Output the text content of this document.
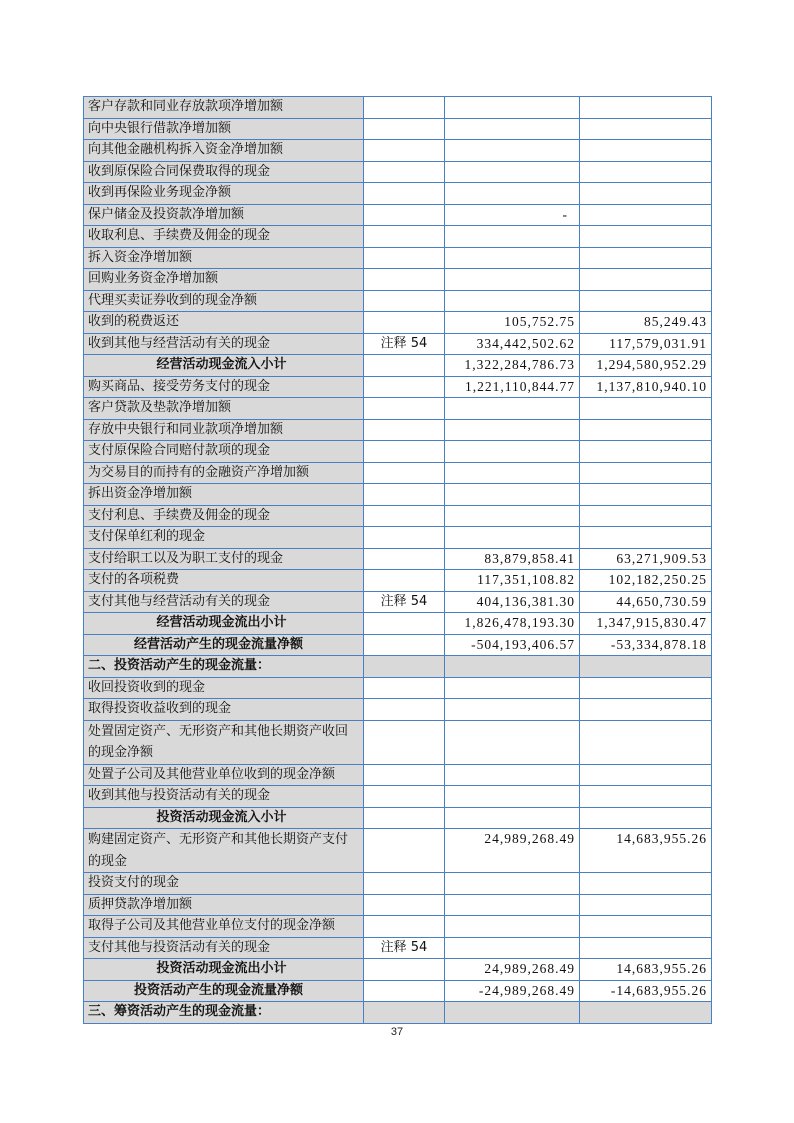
客户存款和同业存放款项净增加额			
向中央银行借款净增加额			
向其他金融机构拆入资金净增加额			
收到原保险合同保费取得的现金			
收到再保险业务现金净额			
保户储金及投资款净增加额		-	
收取利息、手续费及佣金的现金			
拆入资金净增加额			
回购业务资金净增加额			
代理买卖证券收到的现金净额			
收到的税费返还		105,752.75	85,249.43
收到其他与经营活动有关的现金	注释 54	334,442,502.62	117,579,031.91
经营活动现金流入小计		1,322,284,786.73	1,294,580,952.29
购买商品、接受劳务支付的现金		1,221,110,844.77	1,137,810,940.10
客户贷款及垫款净增加额			
存放中央银行和同业款项净增加额			
支付原保险合同赔付款项的现金			
为交易目的而持有的金融资产净增加额			
拆出资金净增加额			
支付利息、手续费及佣金的现金			
支付保单红利的现金			
支付给职工以及为职工支付的现金		83,879,858.41	63,271,909.53
支付的各项税费		117,351,108.82	102,182,250.25
支付其他与经营活动有关的现金	注释 54	404,136,381.30	44,650,730.59
经营活动现金流出小计		1,826,478,193.30	1,347,915,830.47
经营活动产生的现金流量净额		-504,193,406.57	-53,334,878.18
二、投资活动产生的现金流量：			
收回投资收到的现金			
取得投资收益收到的现金			
处置固定资产、无形资产和其他长期资产收回的现金净额			
处置子公司及其他营业单位收到的现金净额			
收到其他与投资活动有关的现金			
投资活动现金流入小计			
购建固定资产、无形资产和其他长期资产支付的现金		24,989,268.49	14,683,955.26
投资支付的现金			
质押贷款净增加额			
取得子公司及其他营业单位支付的现金净额			
支付其他与投资活动有关的现金	注释 54		
投资活动现金流出小计		24,989,268.49	14,683,955.26
投资活动产生的现金流量净额		-24,989,268.49	-14,683,955.26
三、筹资活动产生的现金流量：			
37
